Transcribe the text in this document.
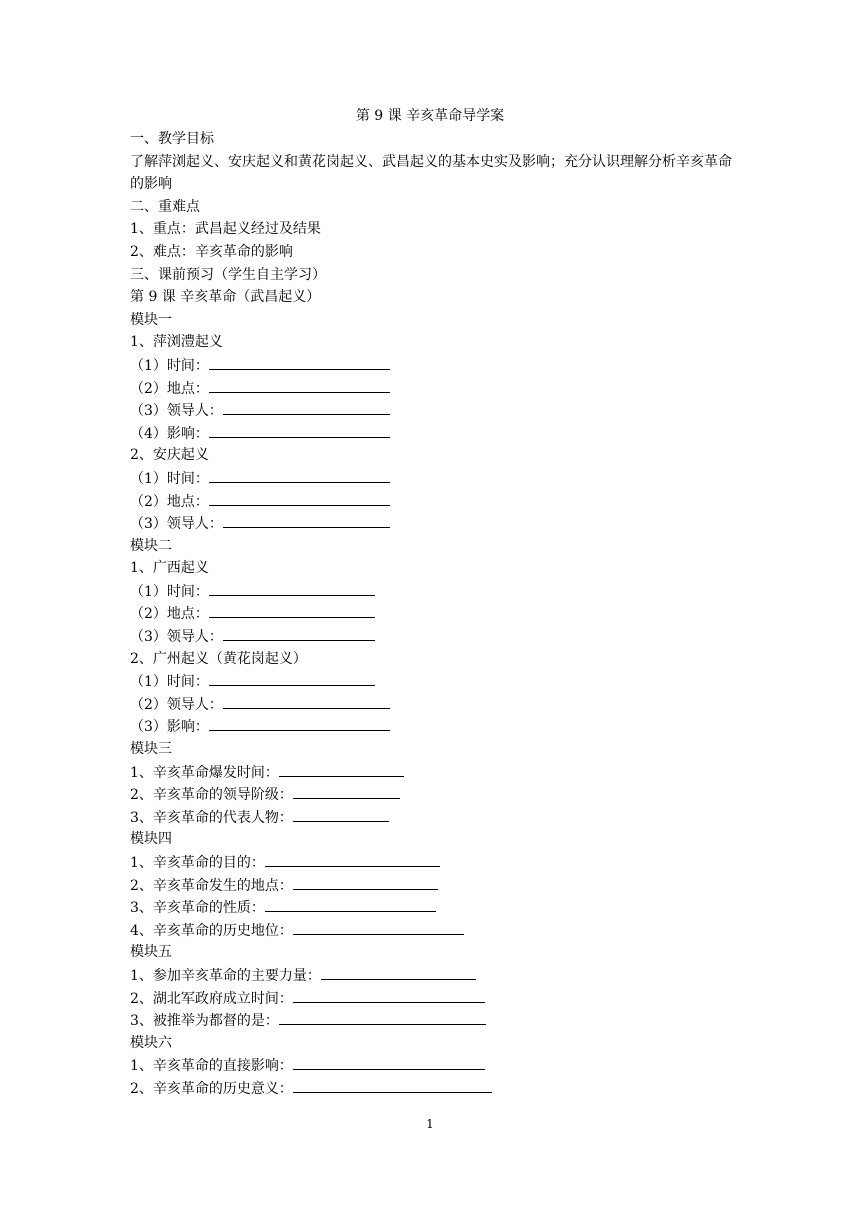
第 9 课 辛亥革命导学案
一、教学目标
了解萍浏起义、安庆起义和黄花岗起义、武昌起义的基本史实及影响；充分认识理解分析辛亥革命的影响
二、重难点
1、重点：武昌起义经过及结果
2、难点：辛亥革命的影响
三、课前预习（学生自主学习）
第 9 课 辛亥革命（武昌起义）
模块一
1、萍浏澧起义
（1）时间：
（2）地点：
（3）领导人：
（4）影响：
2、安庆起义
（1）时间：
（2）地点：
（3）领导人：
模块二
1、广西起义
（1）时间：
（2）地点：
（3）领导人：
2、广州起义（黄花岗起义）
（1）时间：
（2）领导人：
（3）影响：
模块三
1、辛亥革命爆发时间：
2、辛亥革命的领导阶级：
3、辛亥革命的代表人物：
模块四
1、辛亥革命的目的：
2、辛亥革命发生的地点：
3、辛亥革命的性质：
4、辛亥革命的历史地位：
模块五
1、参加辛亥革命的主要力量：
2、湖北军政府成立时间：
3、被推举为都督的是：
模块六
1、辛亥革命的直接影响：
2、辛亥革命的历史意义：
1
